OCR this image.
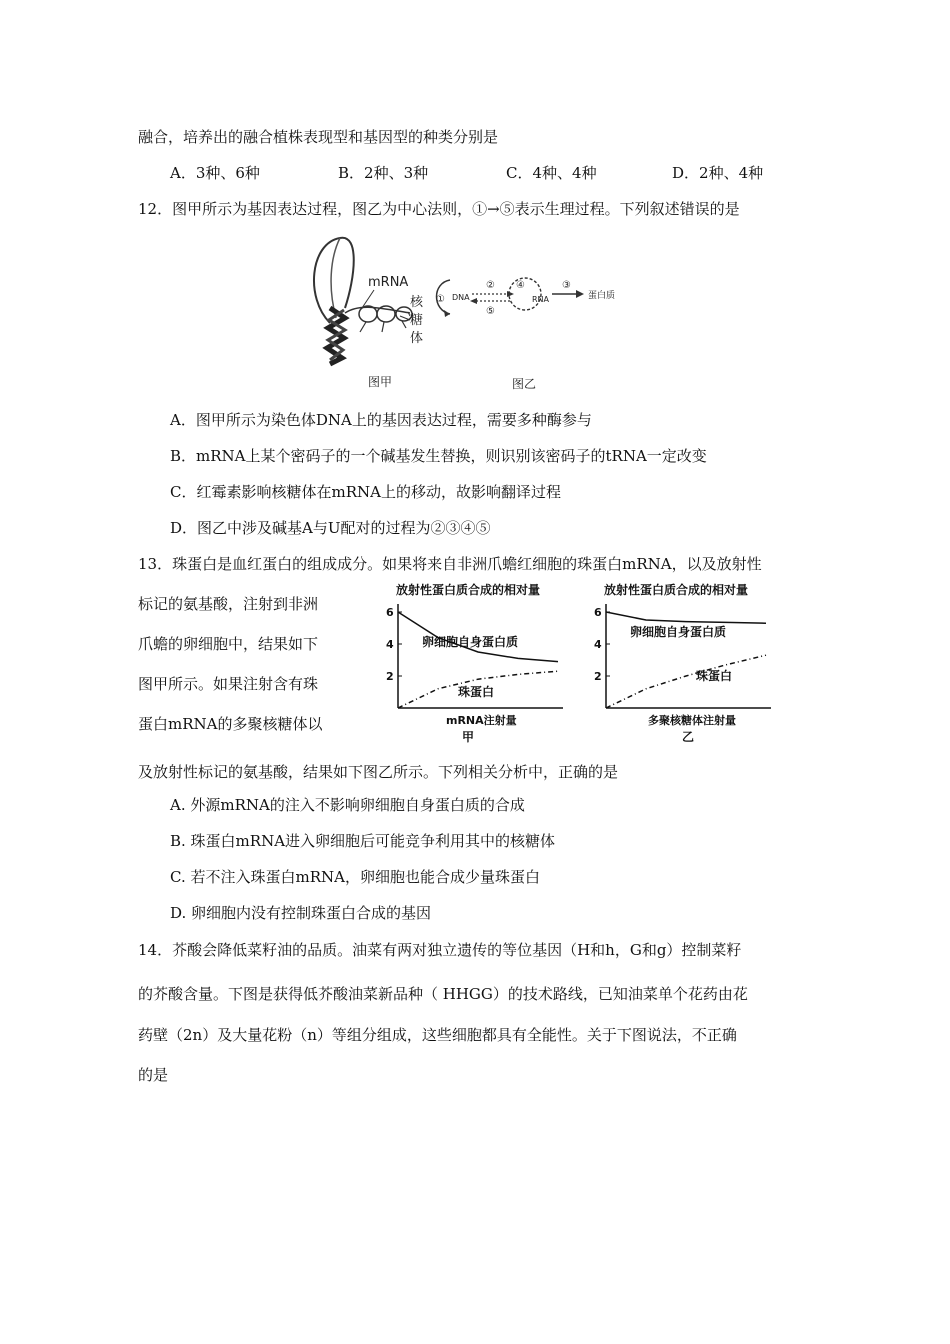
融合，培养出的融合植株表现型和基因型的种类分别是
A．3种、6种	B．2种、3种	C．4种、4种	D．2种、4种
12．图甲所示为基因表达过程，图乙为中心法则，①→⑤表示生理过程。下列叙述错误的是
mRNA
核
糖
体
图甲
① DNA
②
⑤
④
RNA
③
蛋白质
图乙
A．图甲所示为染色体DNA上的基因表达过程，需要多种酶参与
B．mRNA上某个密码子的一个碱基发生替换，则识别该密码子的tRNA一定改变
C．红霉素影响核糖体在mRNA上的移动，故影响翻译过程
D．图乙中涉及碱基A与U配对的过程为②③④⑤
13．珠蛋白是血红蛋白的组成成分。如果将来自非洲爪蟾红细胞的珠蛋白mRNA，以及放射性
标记的氨基酸，注射到非洲
爪蟾的卵细胞中，结果如下
图甲所示。如果注射含有珠
蛋白mRNA的多聚核糖体以
放射性蛋白质合成的相对量
2
4
6
卵细胞自身蛋白质
珠蛋白
mRNA注射量
甲
放射性蛋白质合成的相对量
2
4
6
卵细胞自身蛋白质
珠蛋白
多聚核糖体注射量
乙
及放射性标记的氨基酸，结果如下图乙所示。下列相关分析中，正确的是
A. 外源mRNA的注入不影响卵细胞自身蛋白质的合成
B. 珠蛋白mRNA进入卵细胞后可能竞争利用其中的核糖体
C. 若不注入珠蛋白mRNA，卵细胞也能合成少量珠蛋白
D. 卵细胞内没有控制珠蛋白合成的基因
14．芥酸会降低菜籽油的品质。油菜有两对独立遗传的等位基因（H和h，G和g）控制菜籽
的芥酸含量。下图是获得低芥酸油菜新品种（ HHGG）的技术路线，已知油菜单个花药由花
药壁（2n）及大量花粉（n）等组分组成，这些细胞都具有全能性。关于下图说法，不正确
的是
